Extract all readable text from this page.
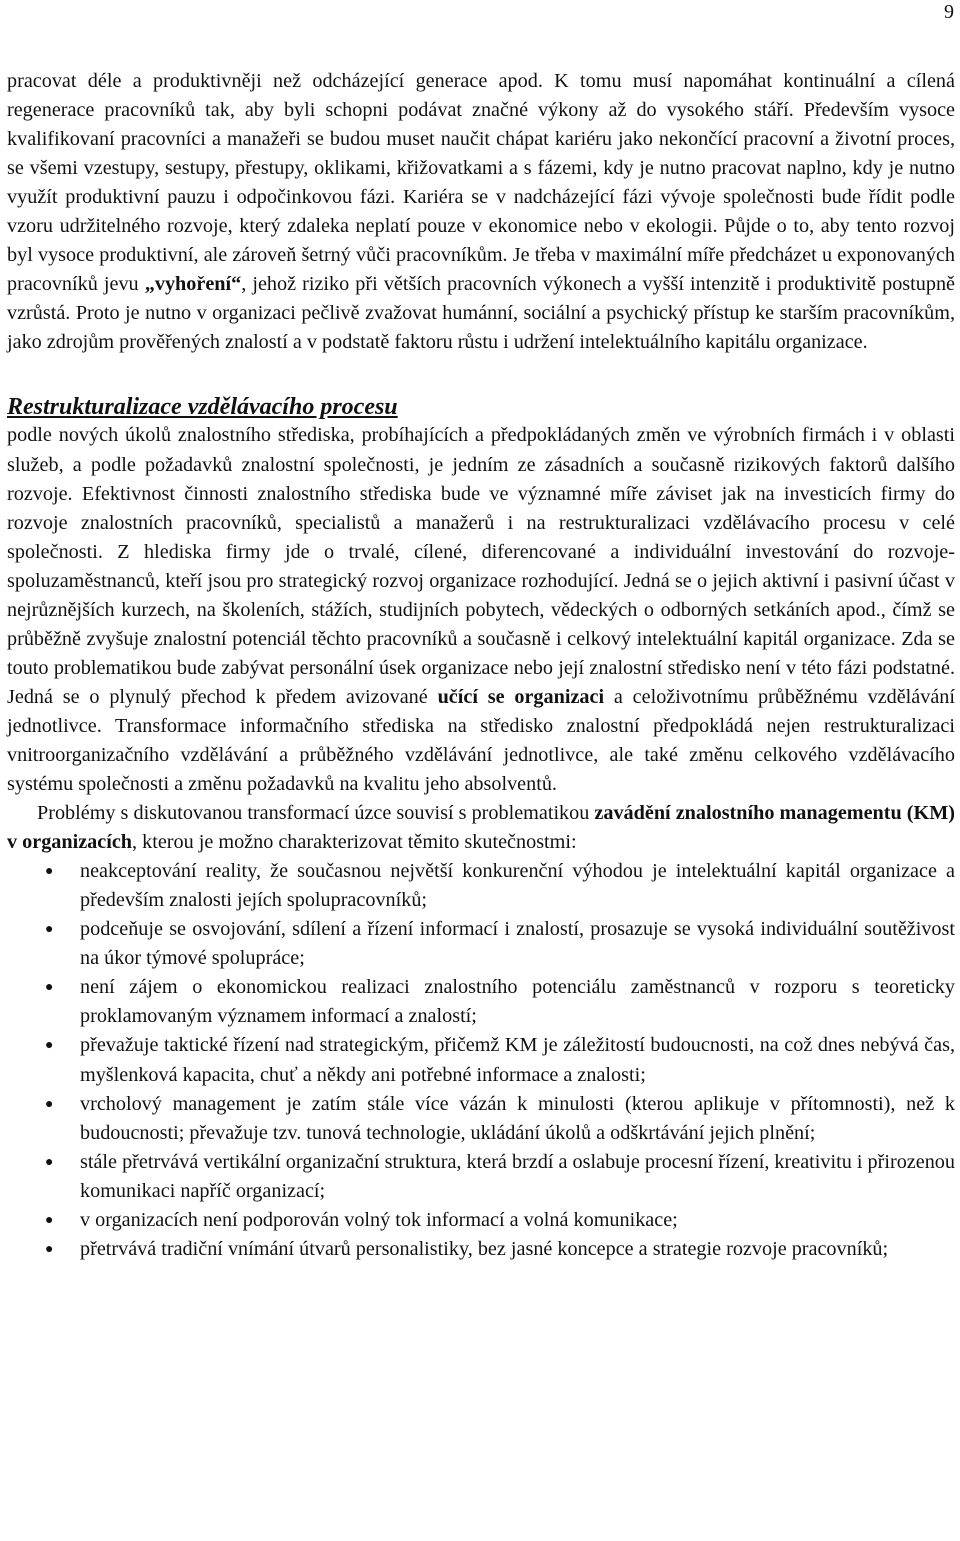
9

pracovat déle a produktivněji než odcházející generace apod. K tomu musí napomáhat kontinuální a cílená regenerace pracovníků tak, aby byli schopni podávat značné výkony až do vysokého stáří. Především vysoce kvalifikovaní pracovníci a manažeři se budou muset naučit chápat kariéru jako nekončící pracovní a životní proces, se všemi vzestupy, sestupy, přestupy, oklikami, křižovatkami a s fázemi, kdy je nutno pracovat naplno, kdy je nutno využít produktivní pauzu i odpočinkovou fázi. Kariéra se v nadcházející fázi vývoje společnosti bude řídit podle vzoru udržitelného rozvoje, který zdaleka neplatí pouze v ekonomice nebo v ekologii. Půjde o to, aby tento rozvoj byl vysoce produktivní, ale zároveň šetrný vůči pracovníkům. Je třeba v maximální míře předcházet u exponovaných pracovníků jevu „vyhoření“, jehož riziko při větších pracovních výkonech a vyšší intenzitě i produktivitě postupně vzrůstá. Proto je nutno v organizaci pečlivě zvažovat humánní, sociální a psychický přístup ke starším pracovníkům, jako zdrojům prověřených znalostí a v podstatě faktoru růstu i udržení intelektuálního kapitálu organizace.

Restrukturalizace vzdělávacího procesu

podle nových úkolů znalostního střediska, probíhajících a předpokládaných změn ve výrobních firmách i v oblasti služeb, a podle požadavků znalostní společnosti, je jedním ze zásadních a současně rizikových faktorů dalšího rozvoje. Efektivnost činnosti znalostního střediska bude ve významné míře záviset jak na investicích firmy do rozvoje znalostních pracovníků, specialistů a manažerů i na restrukturalizaci vzdělávacího procesu v celé společnosti. Z hlediska firmy jde o trvalé, cílené, diferencované a individuální investování do rozvoje- spoluzaměstnanců, kteří jsou pro strategický rozvoj organizace rozhodující. Jedná se o jejich aktivní i pasivní účast v nejrůznějších kurzech, na školeních, stážích, studijních pobytech, vědeckých o odborných setkáních apod., čímž se průběžně zvyšuje znalostní potenciál těchto pracovníků a současně i celkový intelektuální kapitál organizace. Zda se touto problematikou bude zabývat personální úsek organizace nebo její znalostní středisko není v této fázi podstatné. Jedná se o plynulý přechod k předem avizované učící se organizaci a celoživotnímu průběžnému vzdělávání jednotlivce. Transformace informačního střediska na středisko znalostní předpokládá nejen restrukturalizaci vnitroorganizačního vzdělávání a průběžného vzdělávání jednotlivce, ale také změnu celkového vzdělávacího systému společnosti a změnu požadavků na kvalitu jeho absolventů.

Problémy s diskutovanou transformací úzce souvisí s problematikou zavádění znalostního managementu (KM) v organizacích, kterou je možno charakterizovat těmito skutečnostmi:

● neakceptování reality, že současnou největší konkurenční výhodou je intelektuální kapitál organizace a především znalosti jejích spolupracovníků;
● podceňuje se osvojování, sdílení a řízení informací i znalostí, prosazuje se vysoká individuální soutěživost na úkor týmové spolupráce;
● není zájem o ekonomickou realizaci znalostního potenciálu zaměstnanců v rozporu s teoreticky proklamovaným významem informací a znalostí;
● převažuje taktické řízení nad strategickým, přičemž KM je záležitostí budoucnosti, na což dnes nebývá čas, myšlenková kapacita, chuť a někdy ani potřebné informace a znalosti;
● vrcholový management je zatím stále více vázán k minulosti (kterou aplikuje v přítomnosti), než k budoucnosti; převažuje tzv. tunová technologie, ukládání úkolů a odškrtávání jejich plnění;
● stále přetrvává vertikální organizační struktura, která brzdí a oslabuje procesní řízení, kreativitu i přirozenou komunikaci napříč organizací;
● v organizacích není podporován volný tok informací a volná komunikace;
● přetrvává tradiční vnímání útvarů personalistiky, bez jasné koncepce a strategie rozvoje pracovníků;
